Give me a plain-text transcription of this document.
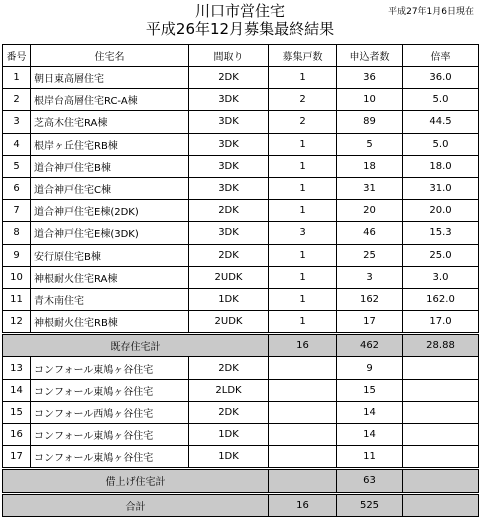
川口市営住宅
平成26年12月募集最終結果
平成27年1月6日現在
番号	住宅名	間取り	募集戸数	申込者数	倍率
1	朝日東高層住宅	2DK	1	36	36.0
2	根岸台高層住宅RC-A棟	3DK	2	10	5.0
3	芝高木住宅RA棟	3DK	2	89	44.5
4	根岸ヶ丘住宅RB棟	3DK	1	5	5.0
5	道合神戸住宅B棟	3DK	1	18	18.0
6	道合神戸住宅C棟	3DK	1	31	31.0
7	道合神戸住宅E棟(2DK)	2DK	1	20	20.0
8	道合神戸住宅E棟(3DK)	3DK	3	46	15.3
9	安行原住宅B棟	2DK	1	25	25.0
10	神根耐火住宅RA棟	2UDK	1	3	3.0
11	青木南住宅	1DK	1	162	162.0
12	神根耐火住宅RB棟	2UDK	1	17	17.0
既存住宅計			16	462	28.88
13	コンフォール東鳩ヶ谷住宅	2DK		9	
14	コンフォール東鳩ヶ谷住宅	2LDK		15	
15	コンフォール西鳩ヶ谷住宅	2DK		14	
16	コンフォール東鳩ヶ谷住宅	1DK		14	
17	コンフォール東鳩ヶ谷住宅	1DK		11	
借上げ住宅計				63	
合計			16	525	
